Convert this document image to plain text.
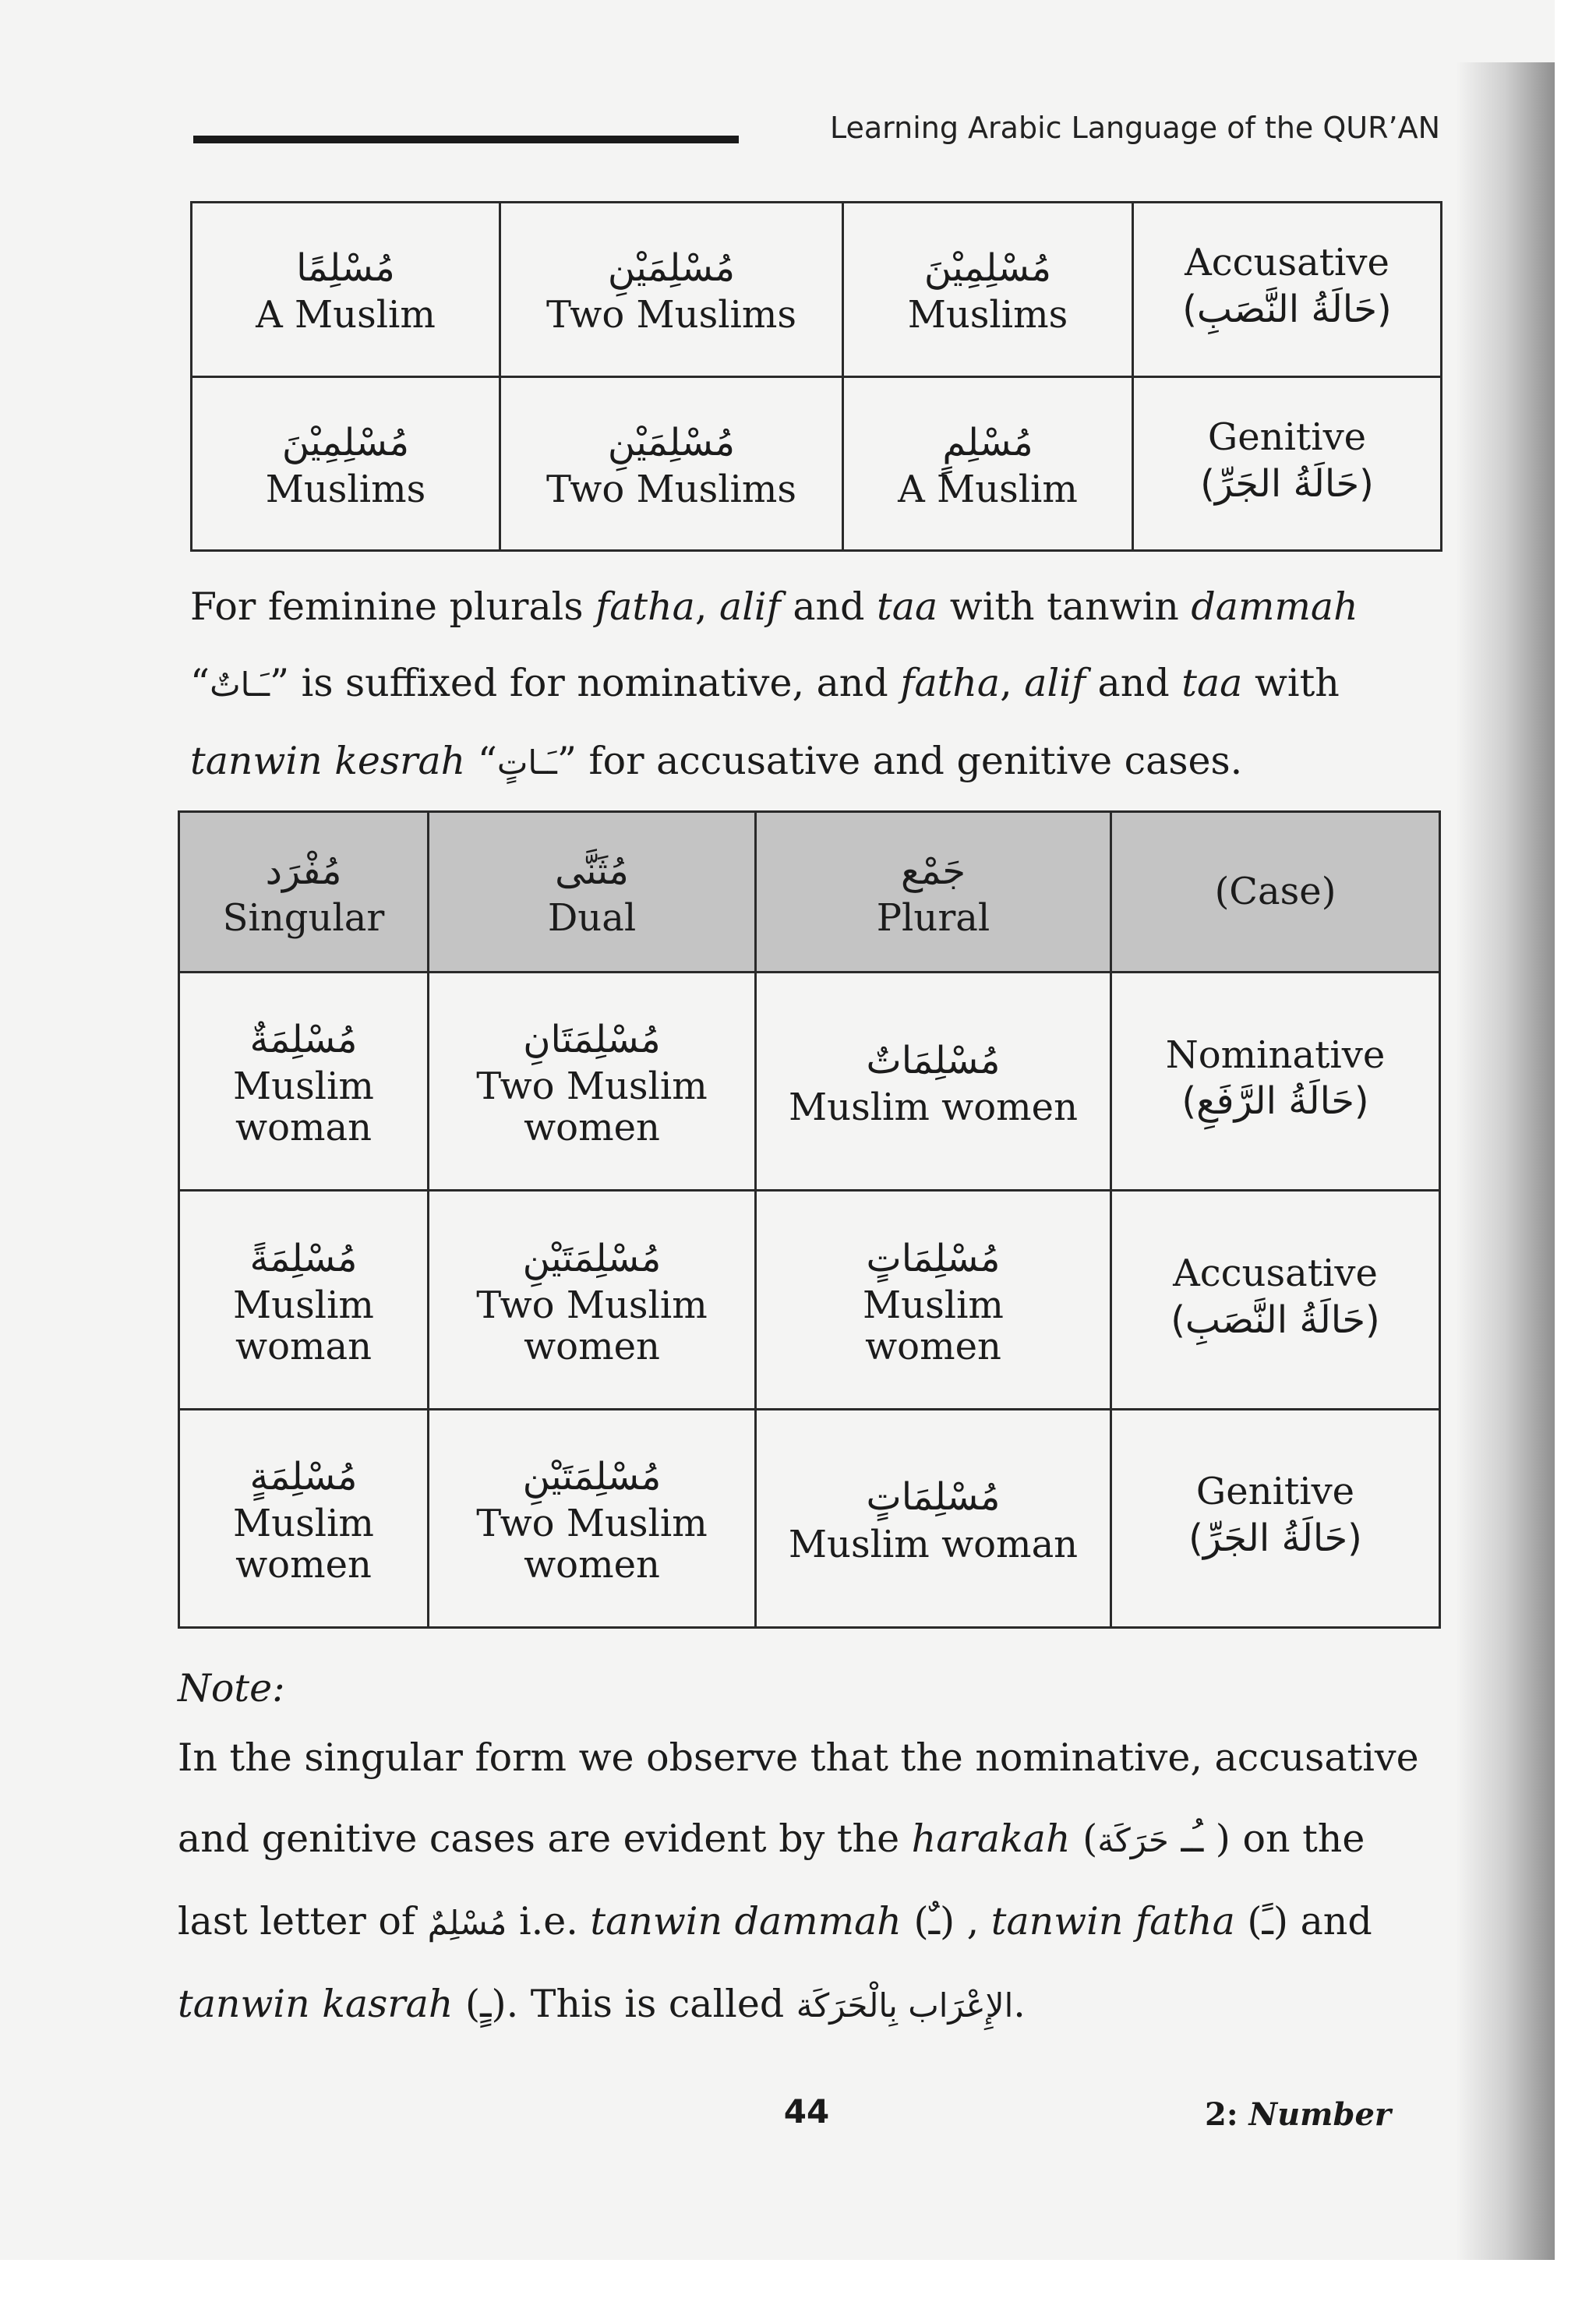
Learning Arabic Language of the QUR’AN
مُسْلِمًا
A Muslim	مُسْلِمَيْنِ
Two Muslims	مُسْلِمِيْنَ
Muslims	Accusative
(حَالَةُ النَّصَبِ)

مُسْلِمِيْنَ
Muslims	مُسْلِمَيْنِ
Two Muslims	مُسْلِمٍ
A Muslim	Genitive
(حَالَةُ الجَرِّ)
For feminine plurals fatha, alif and taa with tanwin dammah “ـَـاتٌ” is suffixed for nominative, and fatha, alif and taa with tanwin kesrah “ـَـاتٍ” for accusative and genitive cases.
مُفْرَد
Singular	مُثَنَّى
Dual	جَمْع
Plural	(Case)

مُسْلِمَةٌ
Muslim
woman	مُسْلِمَتَانِ
Two Muslim
women	مُسْلِمَاتٌ
Muslim women	Nominative
(حَالَةُ الرَّفَعِ)

مُسْلِمَةً
Muslim
woman	مُسْلِمَتَيْنِ
Two Muslim
women	مُسْلِمَاتٍ
Muslim
women	Accusative
(حَالَةُ النَّصَبِ)

مُسْلِمَةٍ
Muslim
women	مُسْلِمَتَيْنِ
Two Muslim
women	مُسْلِمَاتٍ
Muslim woman	Genitive
(حَالَةُ الجَرِّ)
Note:
In the singular form we observe that the nominative, accusative and genitive cases are evident by the harakah (حَرَكَة ـُـ ) on the last letter of مُسْلِمٌ i.e. tanwin dammah (ـٌ) , tanwin fatha (ـً) and tanwin kasrah (ـٍ). This is called الإِعْرَاب بِالْحَرَكَة.
44	2: Number
